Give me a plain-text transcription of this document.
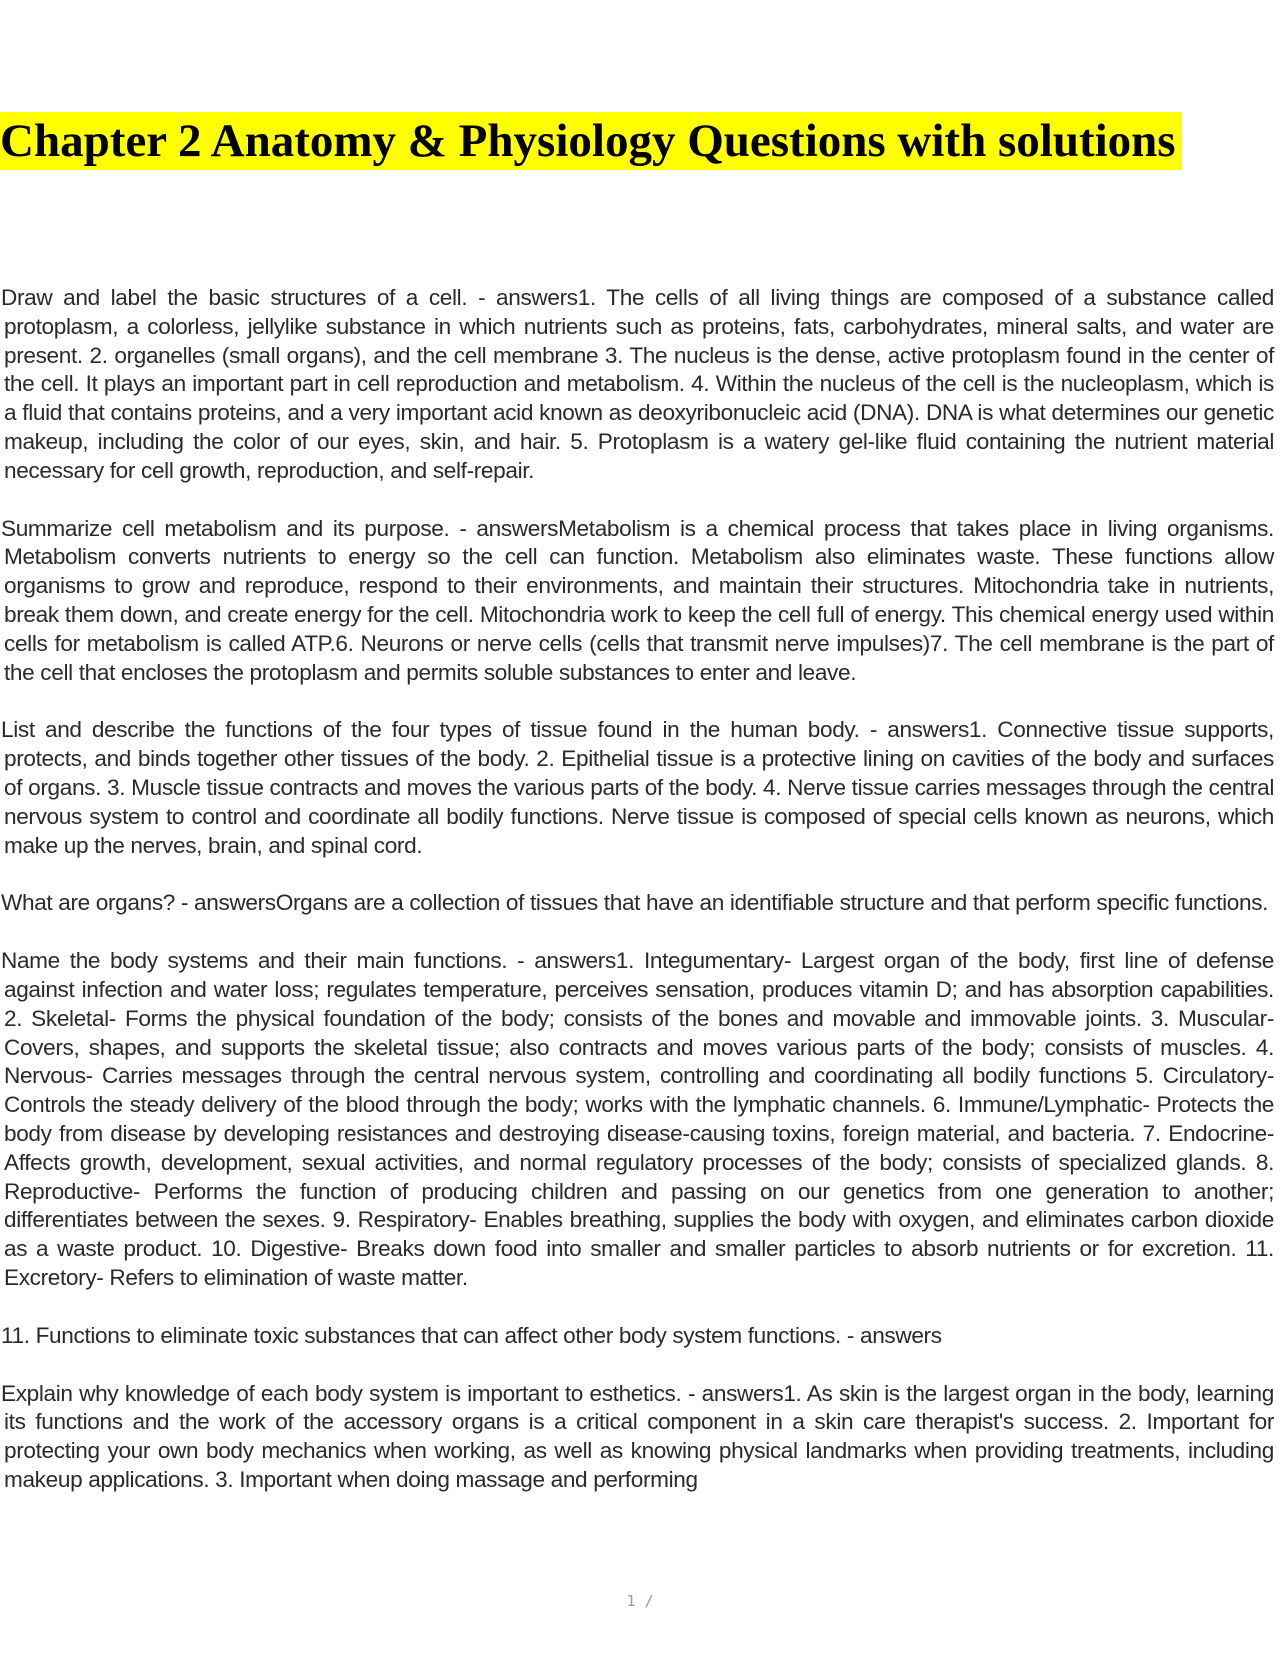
Chapter 2 Anatomy & Physiology Questions with solutions

Draw and label the basic structures of a cell. - answers1. The cells of all living things are composed of a substance called protoplasm, a colorless, jellylike substance in which nutrients such as proteins, fats, carbohydrates, mineral salts, and water are present. 2. organelles (small organs), and the cell membrane 3. The nucleus is the dense, active protoplasm found in the center of the cell. It plays an important part in cell reproduction and metabolism. 4. Within the nucleus of the cell is the nucleoplasm, which is a fluid that contains proteins, and a very important acid known as deoxyribonucleic acid (DNA). DNA is what determines our genetic makeup, including the color of our eyes, skin, and hair. 5. Protoplasm is a watery gel-like fluid containing the nutrient material necessary for cell growth, reproduction, and self-repair.

Summarize cell metabolism and its purpose. - answersMetabolism is a chemical process that takes place in living organisms. Metabolism converts nutrients to energy so the cell can function. Metabolism also eliminates waste. These functions allow organisms to grow and reproduce, respond to their environments, and maintain their structures. Mitochondria take in nutrients, break them down, and create energy for the cell. Mitochondria work to keep the cell full of energy. This chemical energy used within cells for metabolism is called ATP.6. Neurons or nerve cells (cells that transmit nerve impulses)7. The cell membrane is the part of the cell that encloses the protoplasm and permits soluble substances to enter and leave.

List and describe the functions of the four types of tissue found in the human body. - answers1. Connective tissue supports, protects, and binds together other tissues of the body. 2. Epithelial tissue is a protective lining on cavities of the body and surfaces of organs. 3. Muscle tissue contracts and moves the various parts of the body. 4. Nerve tissue carries messages through the central nervous system to control and coordinate all bodily functions. Nerve tissue is composed of special cells known as neurons, which make up the nerves, brain, and spinal cord.

What are organs? - answersOrgans are a collection of tissues that have an identifiable structure and that perform specific functions.

Name the body systems and their main functions. - answers1. Integumentary- Largest organ of the body, first line of defense against infection and water loss; regulates temperature, perceives sensation, produces vitamin D; and has absorption capabilities. 2. Skeletal- Forms the physical foundation of the body; consists of the bones and movable and immovable joints. 3. Muscular- Covers, shapes, and supports the skeletal tissue; also contracts and moves various parts of the body; consists of muscles. 4. Nervous- Carries messages through the central nervous system, controlling and coordinating all bodily functions 5. Circulatory- Controls the steady delivery of the blood through the body; works with the lymphatic channels. 6. Immune/Lymphatic- Protects the body from disease by developing resistances and destroying disease-causing toxins, foreign material, and bacteria. 7. Endocrine- Affects growth, development, sexual activities, and normal regulatory processes of the body; consists of specialized glands. 8. Reproductive- Performs the function of producing children and passing on our genetics from one generation to another; differentiates between the sexes. 9. Respiratory- Enables breathing, supplies the body with oxygen, and eliminates carbon dioxide as a waste product. 10. Digestive- Breaks down food into smaller and smaller particles to absorb nutrients or for excretion. 11. Excretory- Refers to elimination of waste matter.

11. Functions to eliminate toxic substances that can affect other body system functions. - answers

Explain why knowledge of each body system is important to esthetics. - answers1. As skin is the largest organ in the body, learning its functions and the work of the accessory organs is a critical component in a skin care therapist's success. 2. Important for protecting your own body mechanics when working, as well as knowing physical landmarks when providing treatments, including makeup applications. 3. Important when doing massage and performing

1 /
